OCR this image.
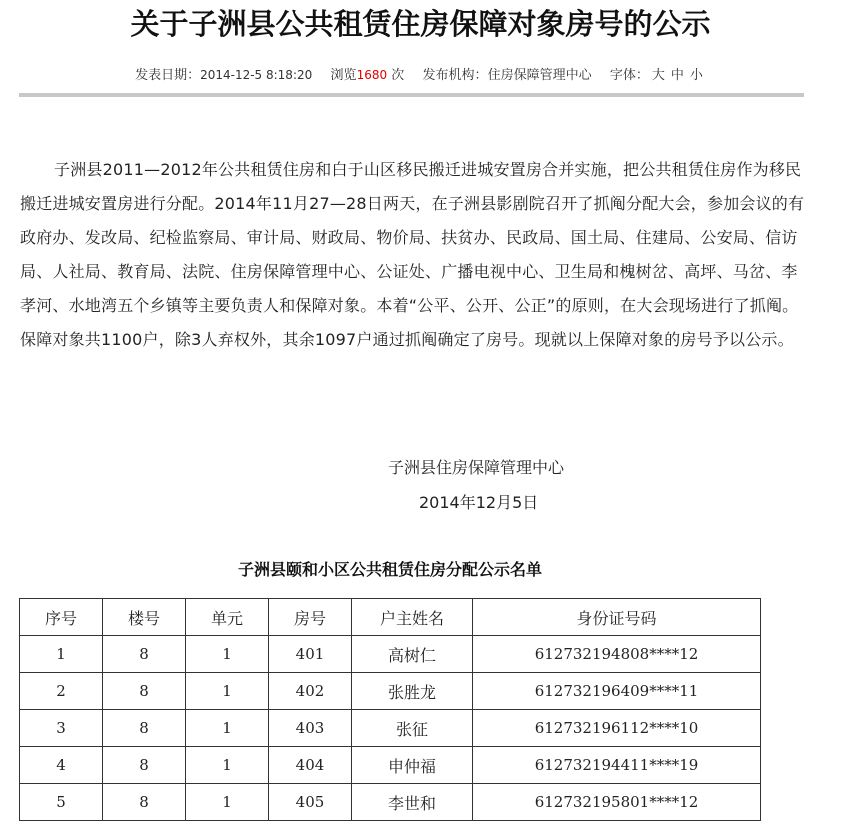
关于子洲县公共租赁住房保障对象房号的公示
发表日期：2014-12-5 8:18:20 浏览1680 次 发布机构：住房保障管理中心 字体： 大 中 小

子洲县2011—2012年公共租赁住房和白于山区移民搬迁进城安置房合并实施，把公共租赁住房作为移民搬迁进城安置房进行分配。2014年11月27—28日两天，在子洲县影剧院召开了抓阄分配大会，参加会议的有政府办、发改局、纪检监察局、审计局、财政局、物价局、扶贫办、民政局、国土局、住建局、公安局、信访局、人社局、教育局、法院、住房保障管理中心、公证处、广播电视中心、卫生局和槐树岔、高坪、马岔、李孝河、水地湾五个乡镇等主要负责人和保障对象。本着“公平、公开、公正”的原则，在大会现场进行了抓阄。保障对象共1100户，除3人弃权外，其余1097户通过抓阄确定了房号。现就以上保障对象的房号予以公示。

子洲县住房保障管理中心
2014年12月5日
子洲县颐和小区公共租赁住房分配公示名单
序号	楼号	单元	房号	户主姓名	身份证号码
1	8	1	401	高树仁	612732194808****12
2	8	1	402	张胜龙	612732196409****11
3	8	1	403	张征	612732196112****10
4	8	1	404	申仲福	612732194411****19
5	8	1	405	李世和	612732195801****12
